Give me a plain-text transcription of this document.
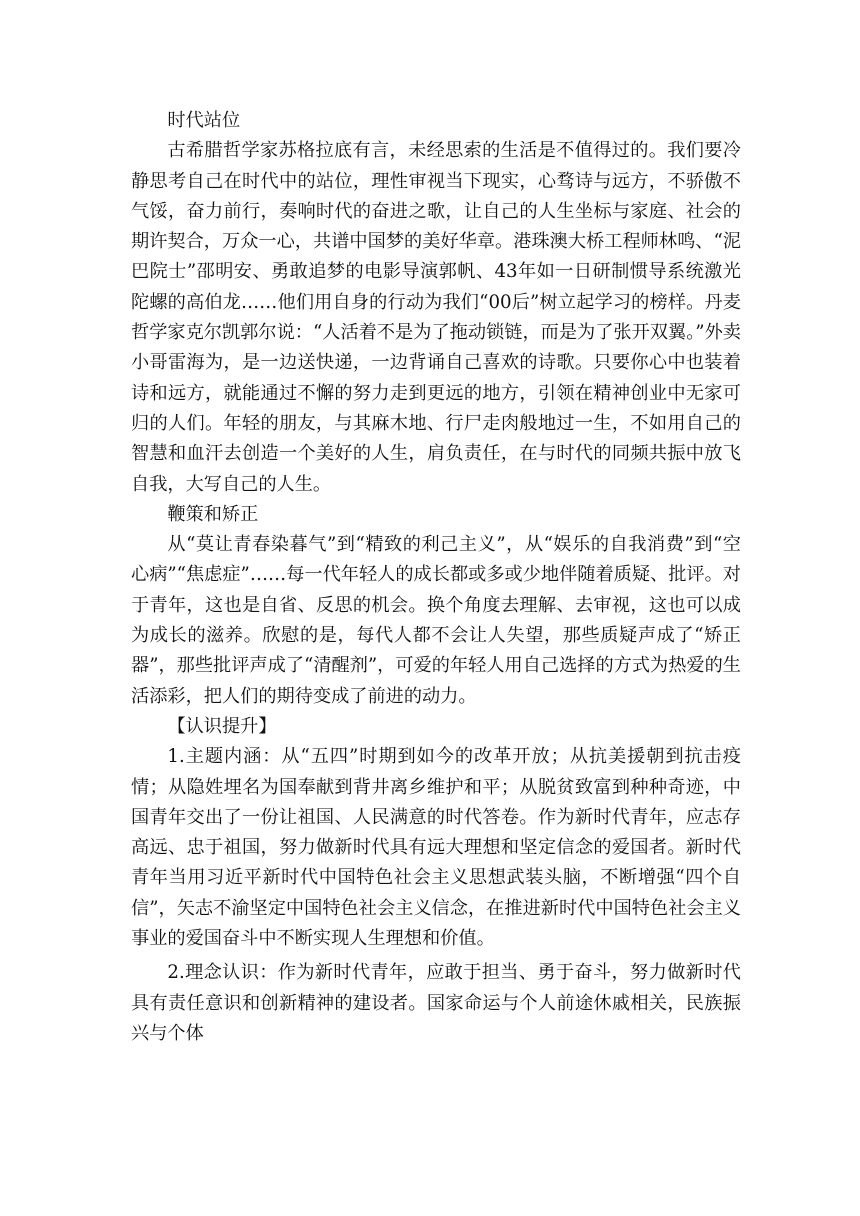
时代站位

古希腊哲学家苏格拉底有言，未经思索的生活是不值得过的。我们要冷静思考自己在时代中的站位，理性审视当下现实，心骛诗与远方，不骄傲不气馁，奋力前行，奏响时代的奋进之歌，让自己的人生坐标与家庭、社会的期许契合，万众一心，共谱中国梦的美好华章。港珠澳大桥工程师林鸣、“泥巴院士”邵明安、勇敢追梦的电影导演郭帆、43年如一日研制惯导系统激光陀螺的高伯龙……他们用自身的行动为我们“00后”树立起学习的榜样。丹麦哲学家克尔凯郭尔说：“人活着不是为了拖动锁链，而是为了张开双翼。”外卖小哥雷海为，是一边送快递，一边背诵自己喜欢的诗歌。只要你心中也装着诗和远方，就能通过不懈的努力走到更远的地方，引领在精神创业中无家可归的人们。年轻的朋友，与其麻木地、行尸走肉般地过一生，不如用自己的智慧和血汗去创造一个美好的人生，肩负责任，在与时代的同频共振中放飞自我，大写自己的人生。

鞭策和矫正

从“莫让青春染暮气”到“精致的利己主义”，从“娱乐的自我消费”到“空心病”“焦虑症”……每一代年轻人的成长都或多或少地伴随着质疑、批评。对于青年，这也是自省、反思的机会。换个角度去理解、去审视，这也可以成为成长的滋养。欣慰的是，每代人都不会让人失望，那些质疑声成了“矫正器”，那些批评声成了“清醒剂”，可爱的年轻人用自己选择的方式为热爱的生活添彩，把人们的期待变成了前进的动力。

【认识提升】

1.主题内涵：从“五四”时期到如今的改革开放；从抗美援朝到抗击疫情；从隐姓埋名为国奉献到背井离乡维护和平；从脱贫致富到种种奇迹，中国青年交出了一份让祖国、人民满意的时代答卷。作为新时代青年，应志存高远、忠于祖国，努力做新时代具有远大理想和坚定信念的爱国者。新时代青年当用习近平新时代中国特色社会主义思想武装头脑，不断增强“四个自信”，矢志不渝坚定中国特色社会主义信念，在推进新时代中国特色社会主义事业的爱国奋斗中不断实现人生理想和价值。

2.理念认识：作为新时代青年，应敢于担当、勇于奋斗，努力做新时代具有责任意识和创新精神的建设者。国家命运与个人前途休戚相关，民族振兴与个体
